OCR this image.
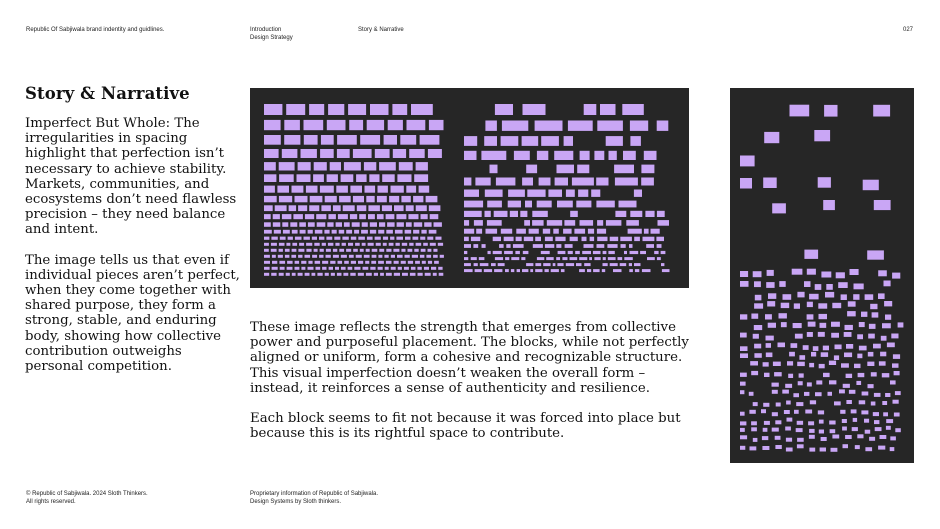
Republic Of Sabjiwala brand indentity and guidlines.	Introduction
Design Strategy
Story & Narrative	027
Story & Narrative

Imperfect But Whole: The irregularities in spacing highlight that perfection isn’t necessary to achieve stability. Markets, communities, and ecosystems don’t need flawless precision – they need balance and intent.

The image tells us that even if individual pieces aren’t perfect, when they come together with shared purpose, they form a strong, stable, and enduring body, showing how collective contribution outweighs personal competition.

These image reflects the strength that emerges from collective power and purposeful placement. The blocks, while not perfectly aligned or uniform, form a cohesive and recognizable structure. This visual imperfection doesn’t weaken the overall form – instead, it reinforces a sense of authenticity and resilience.

Each block seems to fit not because it was forced into place but because this is its rightful space to contribute.

© Republic of Sabjiwala. 2024 Sloth Thinkers.
All rights reserved.
Proprietary information of Republic of Sabjiwala.
Design Systems by Sloth thinkers.
